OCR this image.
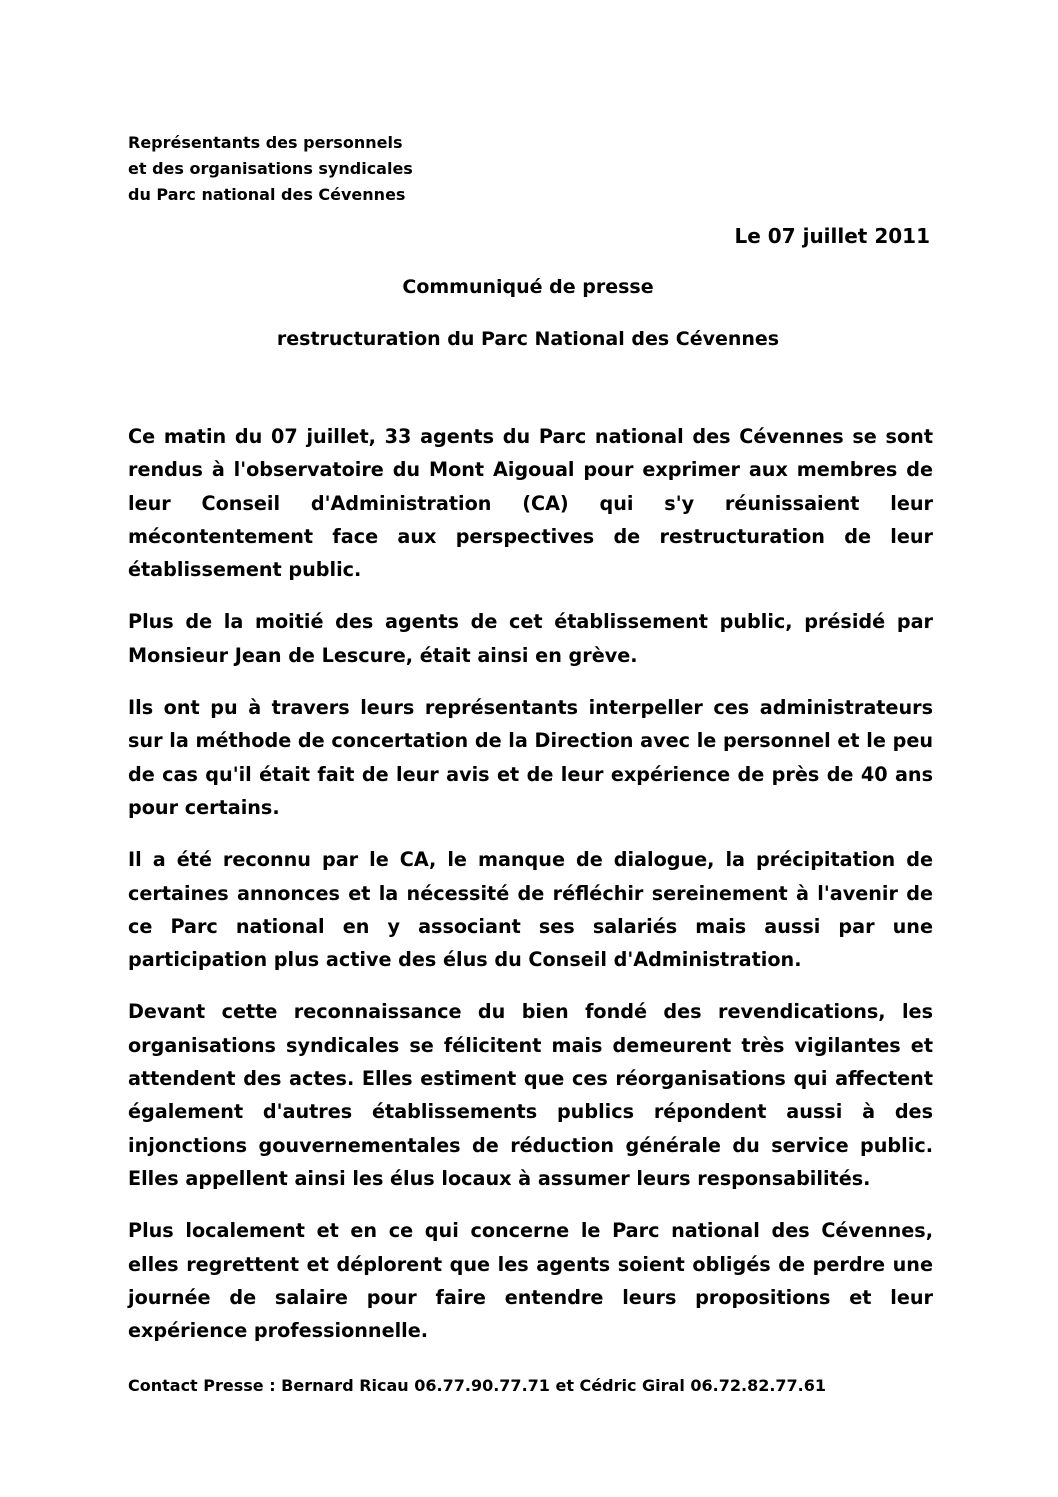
Représentants des personnels
et des organisations syndicales
du Parc national des Cévennes
Le 07 juillet 2011
Communiqué de presse
restructuration du Parc National des Cévennes

Ce matin du 07 juillet, 33 agents du Parc national des Cévennes se sont rendus à l'observatoire du Mont Aigoual pour exprimer aux membres de leur Conseil d'Administration (CA) qui s'y réunissaient leur mécontentement face aux perspectives de restructuration de leur établissement public.

Plus de la moitié des agents de cet établissement public, présidé par Monsieur Jean de Lescure, était ainsi en grève.

Ils ont pu à travers leurs représentants interpeller ces administrateurs sur la méthode de concertation de la Direction avec le personnel et le peu de cas qu'il était fait de leur avis et de leur expérience de près de 40 ans pour certains.

Il a été reconnu par le CA, le manque de dialogue, la précipitation de certaines annonces et la nécessité de réfléchir sereinement à l'avenir de ce Parc national en y associant ses salariés mais aussi par une participation plus active des élus du Conseil d'Administration.

Devant cette reconnaissance du bien fondé des revendications, les organisations syndicales se félicitent mais demeurent très vigilantes et attendent des actes. Elles estiment que ces réorganisations qui affectent également d'autres établissements publics répondent aussi à des injonctions gouvernementales de réduction générale du service public. Elles appellent ainsi les élus locaux à assumer leurs responsabilités.

Plus localement et en ce qui concerne le Parc national des Cévennes, elles regrettent et déplorent que les agents soient obligés de perdre une journée de salaire pour faire entendre leurs propositions et leur expérience professionnelle.

Contact Presse : Bernard Ricau 06.77.90.77.71 et Cédric Giral 06.72.82.77.61
